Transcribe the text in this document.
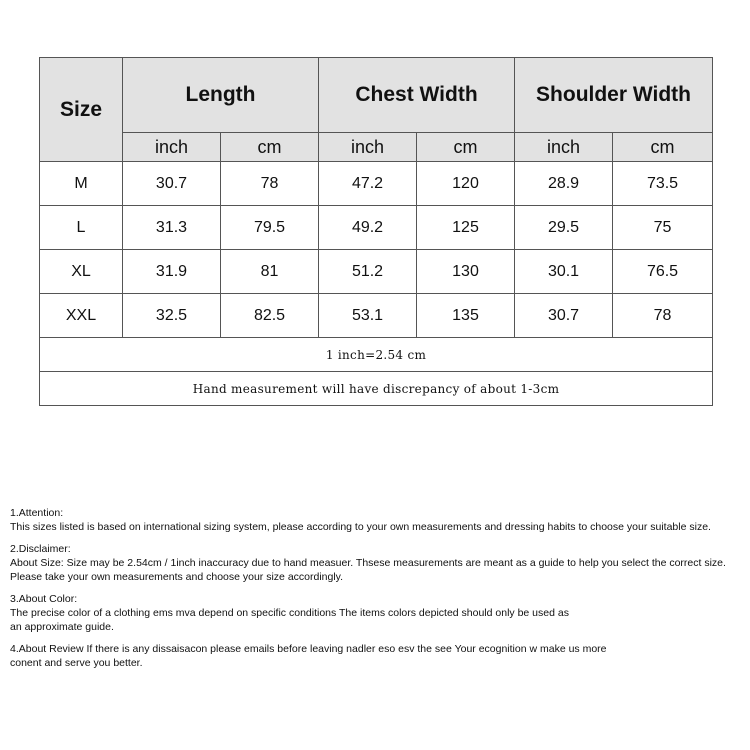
Size	Length		Chest Width		Shoulder Width	
	inch	cm	inch	cm	inch	cm
M	30.7	78	47.2	120	28.9	73.5
L	31.3	79.5	49.2	125	29.5	75
XL	31.9	81	51.2	130	30.1	76.5
XXL	32.5	82.5	53.1	135	30.7	78
1 inch=2.54 cm						
Hand measurement will have discrepancy of about 1-3cm						
1.Attention:
This sizes listed is based on international sizing system, please according to your own measurements and dressing habits to choose your suitable size.
2.Disclaimer:
About Size: Size may be 2.54cm / 1inch inaccuracy due to hand measuer. Thsese measurements are meant as a guide to help you select the correct size.
Please take your own measurements and choose your size accordingly.
3.About Color:
The precise color of a clothing ems mva depend on specific conditions The items colors depicted should only be used as
an approximate guide.
4.About Review If there is any dissaisacon please emails before leaving nadler eso esv the see Your ecognition w make us more
conent and serve you better.
